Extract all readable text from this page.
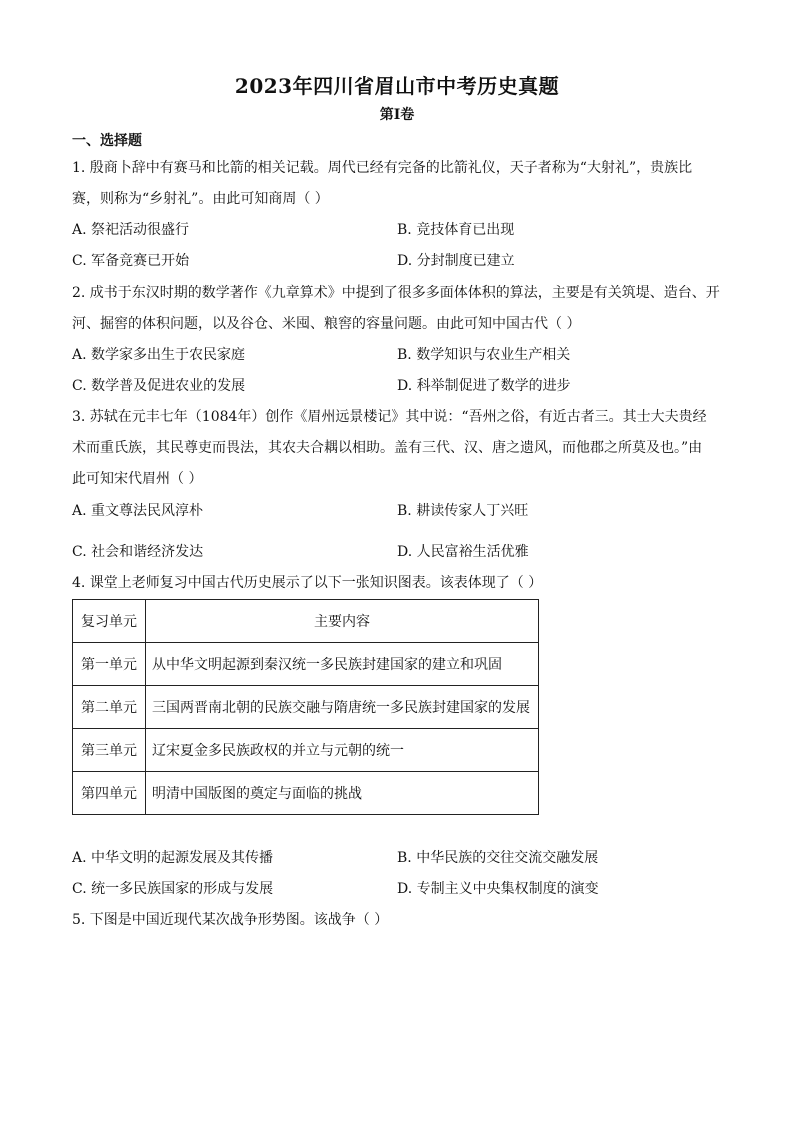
2023年四川省眉山市中考历史真题
第I卷
一、选择题
1. 殷商卜辞中有赛马和比箭的相关记载。周代已经有完备的比箭礼仪，天子者称为“大射礼”，贵族比
赛，则称为“乡射礼”。由此可知商周（ ）
A. 祭祀活动很盛行	B. 竞技体育已出现
C. 军备竞赛已开始	D. 分封制度已建立
2. 成书于东汉时期的数学著作《九章算术》中提到了很多多面体体积的算法，主要是有关筑堤、造台、开
河、掘窖的体积问题，以及谷仓、米囤、粮窖的容量问题。由此可知中国古代（ ）
A. 数学家多出生于农民家庭	B. 数学知识与农业生产相关
C. 数学普及促进农业的发展	D. 科举制促进了数学的进步
3. 苏轼在元丰七年（1084年）创作《眉州远景楼记》其中说：“吾州之俗，有近古者三。其士大夫贵经
术而重氏族，其民尊吏而畏法，其农夫合耦以相助。盖有三代、汉、唐之遗风，而他郡之所莫及也。”由
此可知宋代眉州（ ）
A. 重文尊法民风淳朴	B. 耕读传家人丁兴旺
C. 社会和谐经济发达	D. 人民富裕生活优雅
4. 课堂上老师复习中国古代历史展示了以下一张知识图表。该表体现了（ ）
复习单元	主要内容
第一单元	从中华文明起源到秦汉统一多民族封建国家的建立和巩固
第二单元	三国两晋南北朝的民族交融与隋唐统一多民族封建国家的发展
第三单元	辽宋夏金多民族政权的并立与元朝的统一
第四单元	明清中国版图的奠定与面临的挑战
A. 中华文明的起源发展及其传播	B. 中华民族的交往交流交融发展
C. 统一多民族国家的形成与发展	D. 专制主义中央集权制度的演变
5. 下图是中国近现代某次战争形势图。该战争（ ）
